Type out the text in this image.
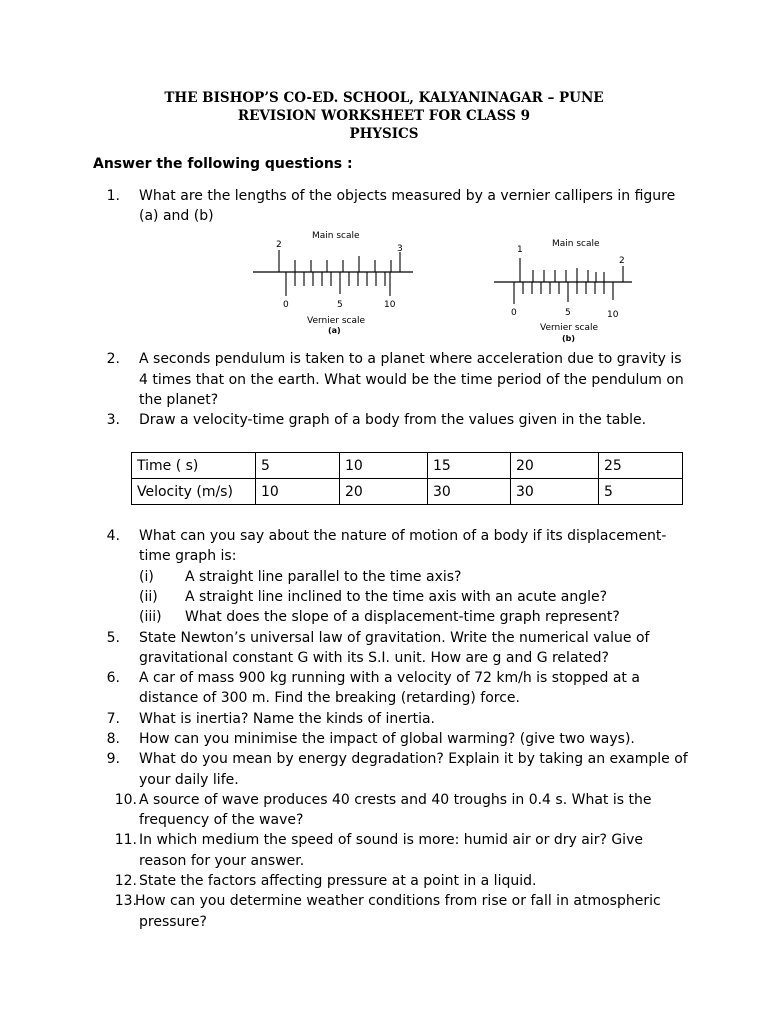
THE BISHOP’S CO-ED. SCHOOL, KALYANINAGAR – PUNE
REVISION WORKSHEET FOR CLASS 9
PHYSICS
Answer the following questions :
1. What are the lengths of the objects measured by a vernier callipers in figure
(a) and (b)
Main scale
2	3
0	5	10
Vernier scale
(a)
Main scale
1
2
0	5	10
Vernier scale
(b)
2. A seconds pendulum is taken to a planet where acceleration due to gravity is
4 times that on the earth. What would be the time period of the pendulum on
the planet?
3. Draw a velocity-time graph of a body from the values given in the table.
Time ( s)	5	10	15	20	25
Velocity (m/s)	10	20	30	30	5
4. What can you say about the nature of motion of a body if its displacement-
time graph is:
(i) A straight line parallel to the time axis?
(ii) A straight line inclined to the time axis with an acute angle?
(iii) What does the slope of a displacement-time graph represent?
5. State Newton’s universal law of gravitation. Write the numerical value of
gravitational constant G with its S.I. unit. How are g and G related?
6. A car of mass 900 kg running with a velocity of 72 km/h is stopped at a
distance of 300 m. Find the breaking (retarding) force.
7. What is inertia? Name the kinds of inertia.
8. How can you minimise the impact of global warming? (give two ways).
9. What do you mean by energy degradation? Explain it by taking an example of
your daily life.
10. A source of wave produces 40 crests and 40 troughs in 0.4 s. What is the
frequency of the wave?
11. In which medium the speed of sound is more: humid air or dry air? Give
reason for your answer.
12. State the factors affecting pressure at a point in a liquid.
13.
How can you determine weather conditions from rise or fall in atmospheric
pressure?
